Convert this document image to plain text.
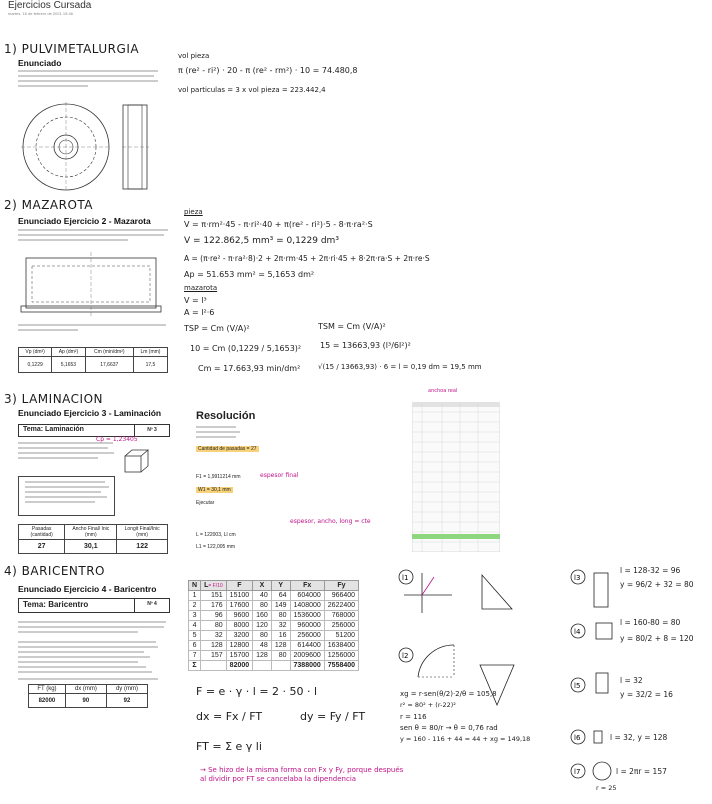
Ejercicios Cursada
martes, 16 de febrero de 2021 15:46
1) PULVIMETALURGIA
Enunciado
vol pieza
π (re² - ri²) · 20 - π (re² - rm²) · 10 = 74.480,8
vol particulas = 3 x vol pieza = 223.442,4
2) MAZAROTA
Enunciado Ejercicio 2 - Mazarota
Vp (dm³)	Ap (dm²)	Cm (min/dm²)	Lm (mm)
0,1229	5,1653	17,6637	17,5
pieza
V = π·rm²·45 - π·ri²·40 + π(re² - ri²)·5 - 8·π·ra²·S
V = 122.862,5 mm³ = 0,1229 dm³
A = (π·re² - π·ra²·8)·2 + 2π·rm·45 + 2π·ri·45 + 8·2π·ra·S + 2π·re·S
Ap = 51.653 mm² = 5,1653 dm²
mazarota
V = l³
A = l²·6
TSP = Cm (V/A)²	TSM = Cm (V/A)²
10 = Cm (0,1229 / 5,1653)² 15 = 13663,93 (l³/6l²)²
Cm = 17.663,93 min/dm²	√(15 / 13663,93) · 6 = l = 0,19 dm = 19,5 mm
3) LAMINACION
Enunciado Ejercicio 3 - Laminación
Tema: Laminación	Nº 3
Cp = 1,23405
Pasadas (cantidad)	Ancho Final/ Inic (mm)	Longit Final/Inic (mm)
27	30,1	122
Resolución
Cantidad de pasadas = 27
F1 = 1,9911214 mm
W1 = 30,1 mm
Ejecutar
L = 122003, Ll cm
L1 = 122,005 mm
espesor final
espesor, ancho, long = cte
anchoa real
4) BARICENTRO
Enunciado Ejercicio 4 - Baricentro
Tema: Baricentro	Nº 4
FT (kg)	dx (mm)	dy (mm)
82000	90	92
N	L= F/10	F	X	Y	Fx	Fy
1	151	15100	40	64	604000	966400
2	176	17600	80	149	1408000	2622400
3	96	9600	160	80	1536000	768000
4	80	8000	120	32	960000	256000
5	32	3200	80	16	256000	51200
6	128	12800	48	128	614400	1638400
7	157	15700	128	80	2009600	1256000
Σ		82000			7388000	7558400
F = e · γ · l = 2 · 50 · l
dx = Fx / FT	dy = Fy / FT
FT = Σ e γ li
→ Se hizo de la misma forma con Fx y Fy, porque después al dividir por FT se cancelaba la dipendencia
l1
l2
xg = r·sen(θ/2)·2/θ = 105,8
r² = 80² + (r-22)²
r = 116
sen θ = 80/r → θ = 0,76 rad
y = 160 - 116 + 44 = 44 + xg = 149,18
l3
l4
l5
l6
l7
l = 128-32 = 96
y = 96/2 + 32 = 80
l = 160-80 = 80
y = 80/2 + 8 = 120
l = 32
y = 32/2 = 16
l = 32, y = 128
l = 2πr = 157
r = 25
